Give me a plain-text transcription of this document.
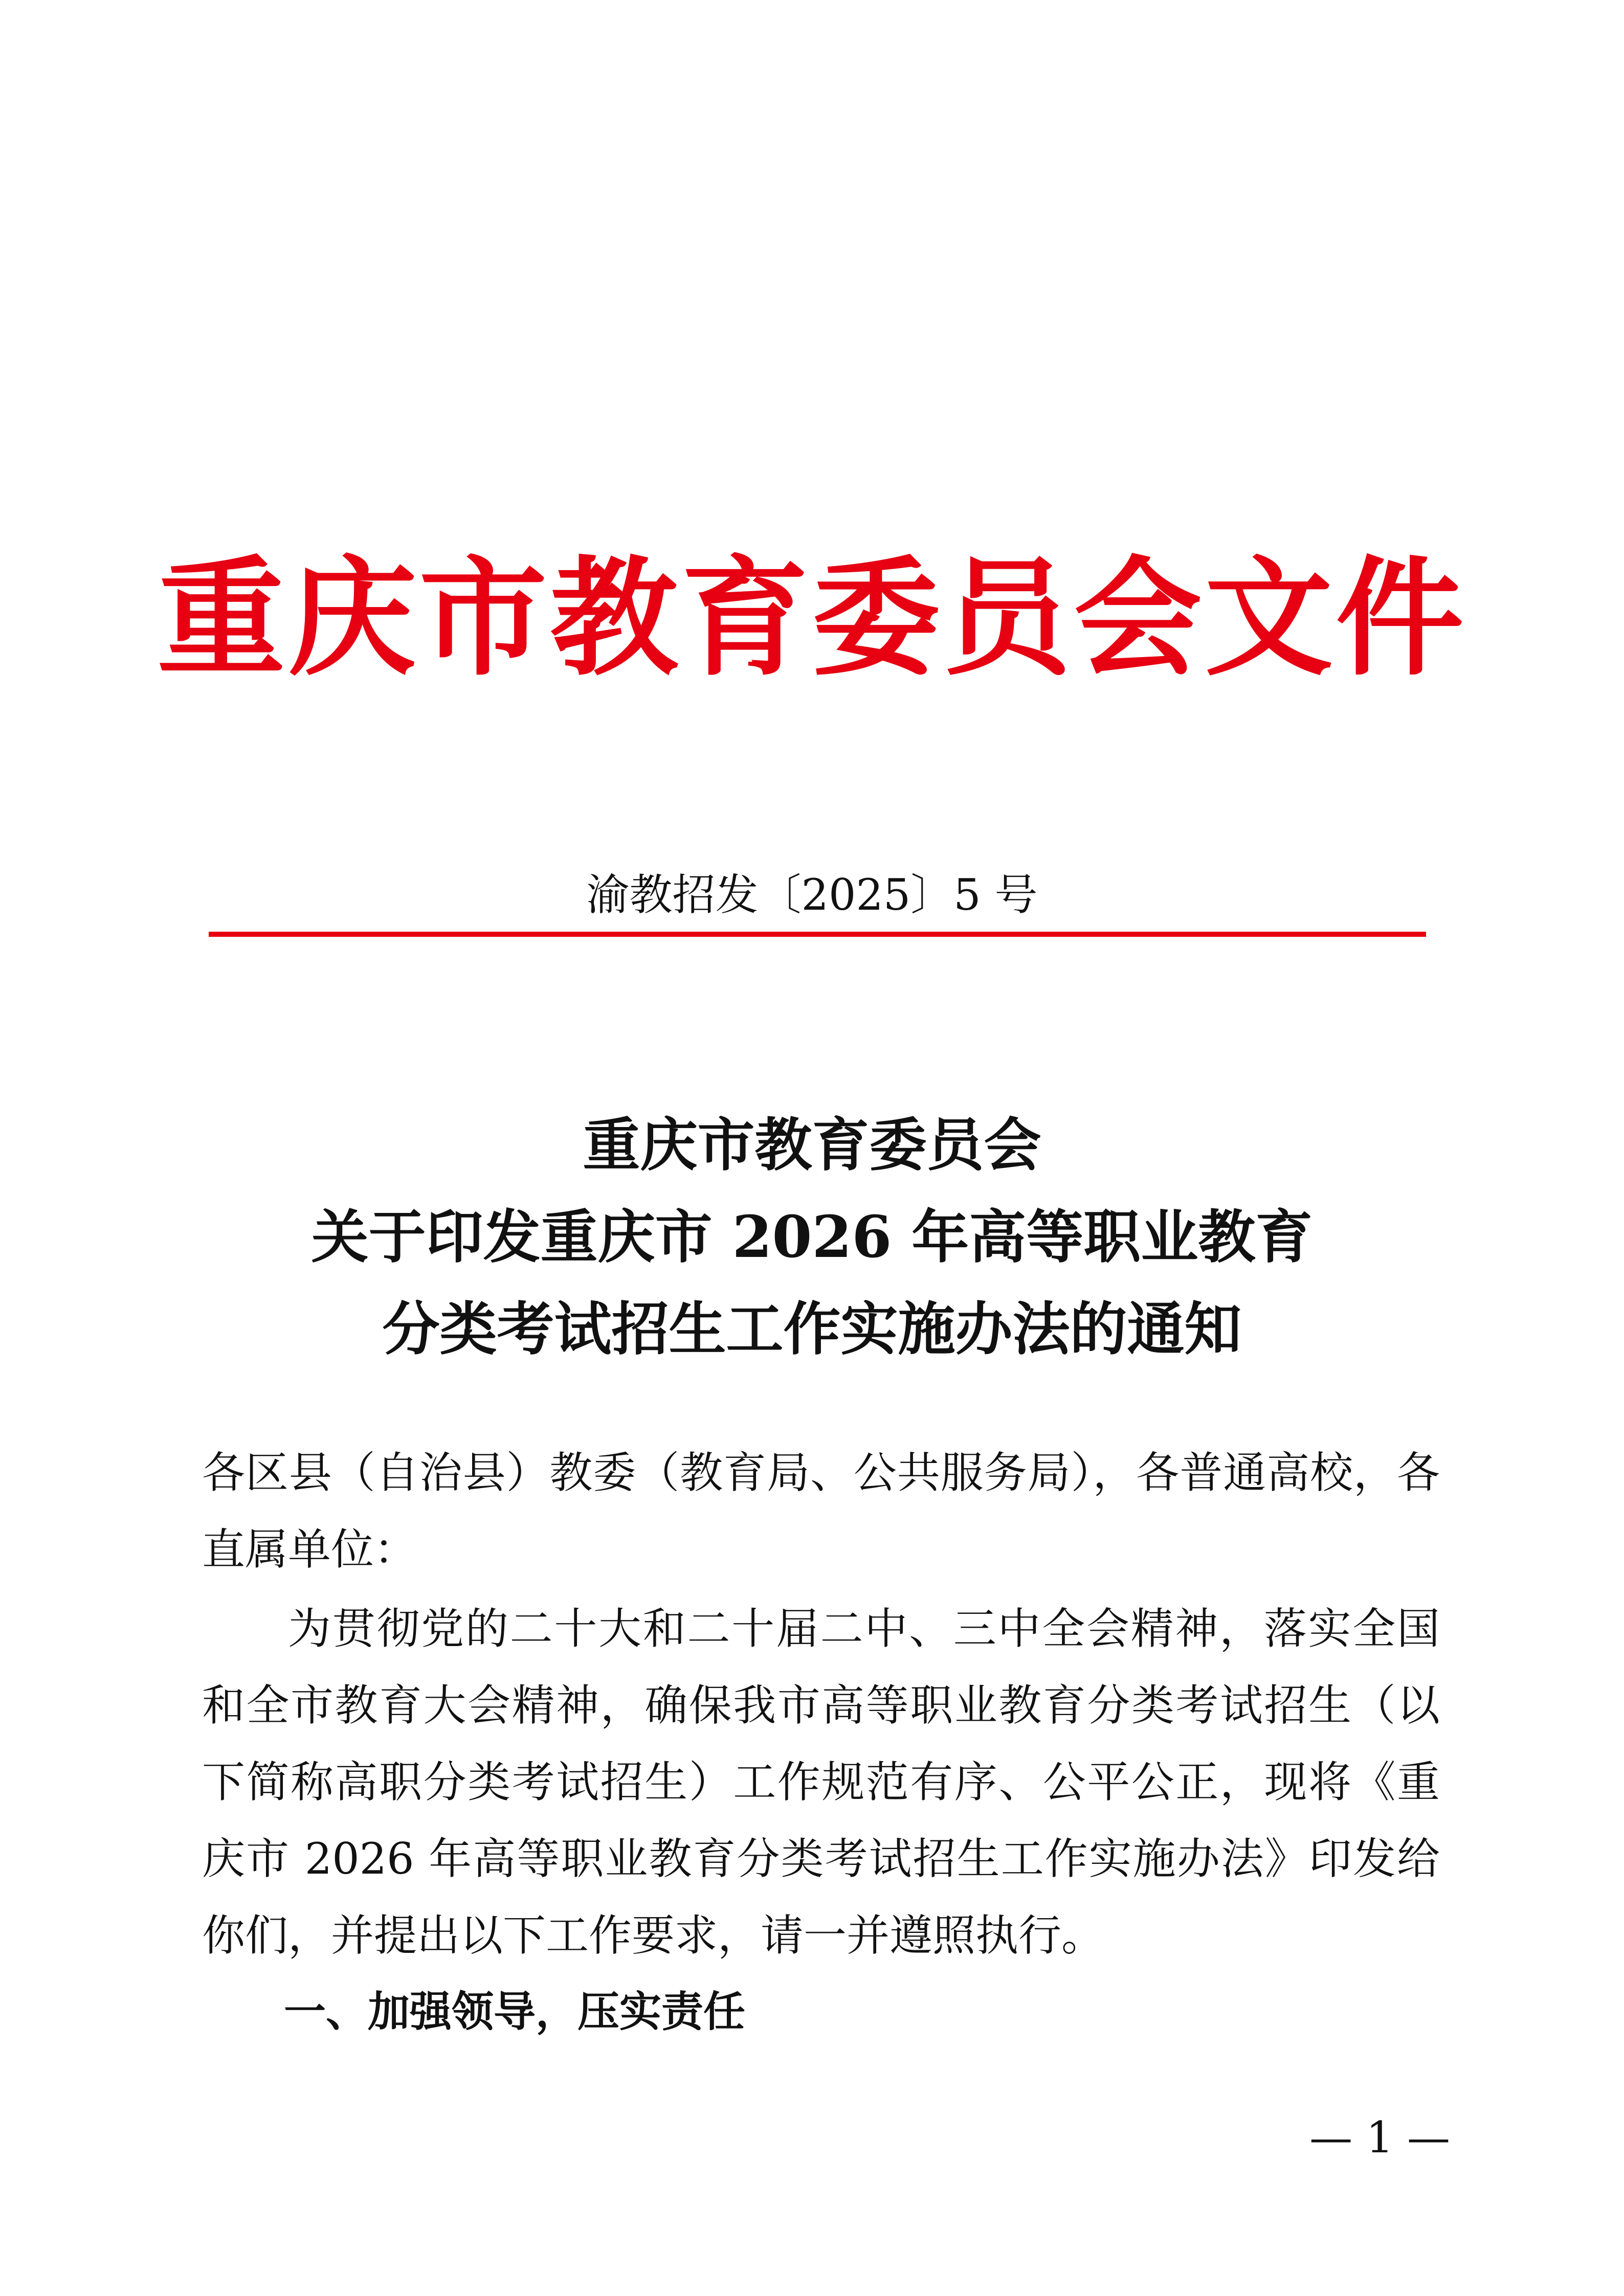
重庆市教育委员会文件
渝教招发〔2025〕5 号
重庆市教育委员会
关于印发重庆市 2026 年高等职业教育
分类考试招生工作实施办法的通知
各区县（自治县）教委（教育局、公共服务局），各普通高校，各直属单位：
为贯彻党的二十大和二十届二中、三中全会精神，落实全国和全市教育大会精神，确保我市高等职业教育分类考试招生（以下简称高职分类考试招生）工作规范有序、公平公正，现将《重庆市 2026 年高等职业教育分类考试招生工作实施办法》印发给你们，并提出以下工作要求，请一并遵照执行。
一、加强领导，压实责任
— 1 —
